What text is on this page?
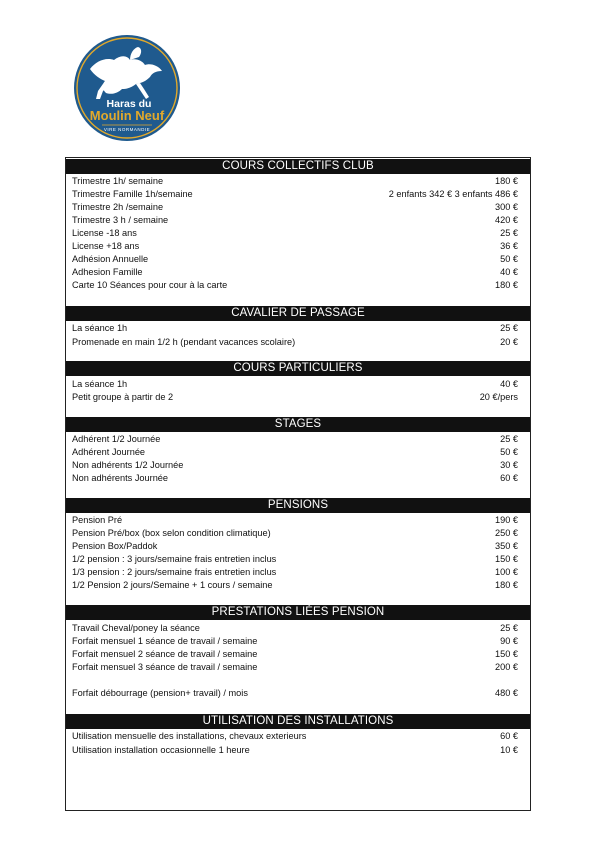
Haras du
Moulin Neuf
VIRE NORMANDIE
COURS COLLECTIFS CLUB
Trimestre 1h/ semaine	180 €
Trimestre Famille 1h/semaine	2 enfants 342 € 3 enfants 486 €
Trimestre 2h /semaine	300 €
Trimestre 3 h / semaine	420 €
License -18 ans	25 €
License +18 ans	36 €
Adhésion Annuelle	50 €
Adhesion Famille	40 €
Carte 10 Séances pour cour à la carte	180 €
CAVALIER DE PASSAGE
La séance 1h	25 €
Promenade en main 1/2 h (pendant vacances scolaire)	20 €
COURS PARTICULIERS
La séance 1h	40 €
Petit groupe à partir de 2	20 €/pers
STAGES
Adhérent 1/2 Journée	25 €
Adhérent Journée	50 €
Non adhérents 1/2 Journée	30 €
Non adhérents Journée	60 €
PENSIONS
Pension Pré	190 €
Pension Pré/box (box selon condition climatique)	250 €
Pension Box/Paddok	350 €
1/2 pension : 3 jours/semaine frais entretien inclus	150 €
1/3 pension : 2 jours/semaine frais entretien inclus	100 €
1/2 Pension 2 jours/Semaine + 1 cours / semaine	180 €
PRESTATIONS LIÉES PENSION
Travail Cheval/poney la séance	25 €
Forfait mensuel 1 séance de travail / semaine	90 €
Forfait mensuel 2 séance de travail / semaine	150 €
Forfait mensuel 3 séance de travail / semaine	200 €
Forfait débourrage (pension+ travail) / mois	480 €
UTILISATION DES INSTALLATIONS
Utilisation mensuelle des installations, chevaux exterieurs	60 €
Utilisation installation occasionnelle 1 heure	10 €
